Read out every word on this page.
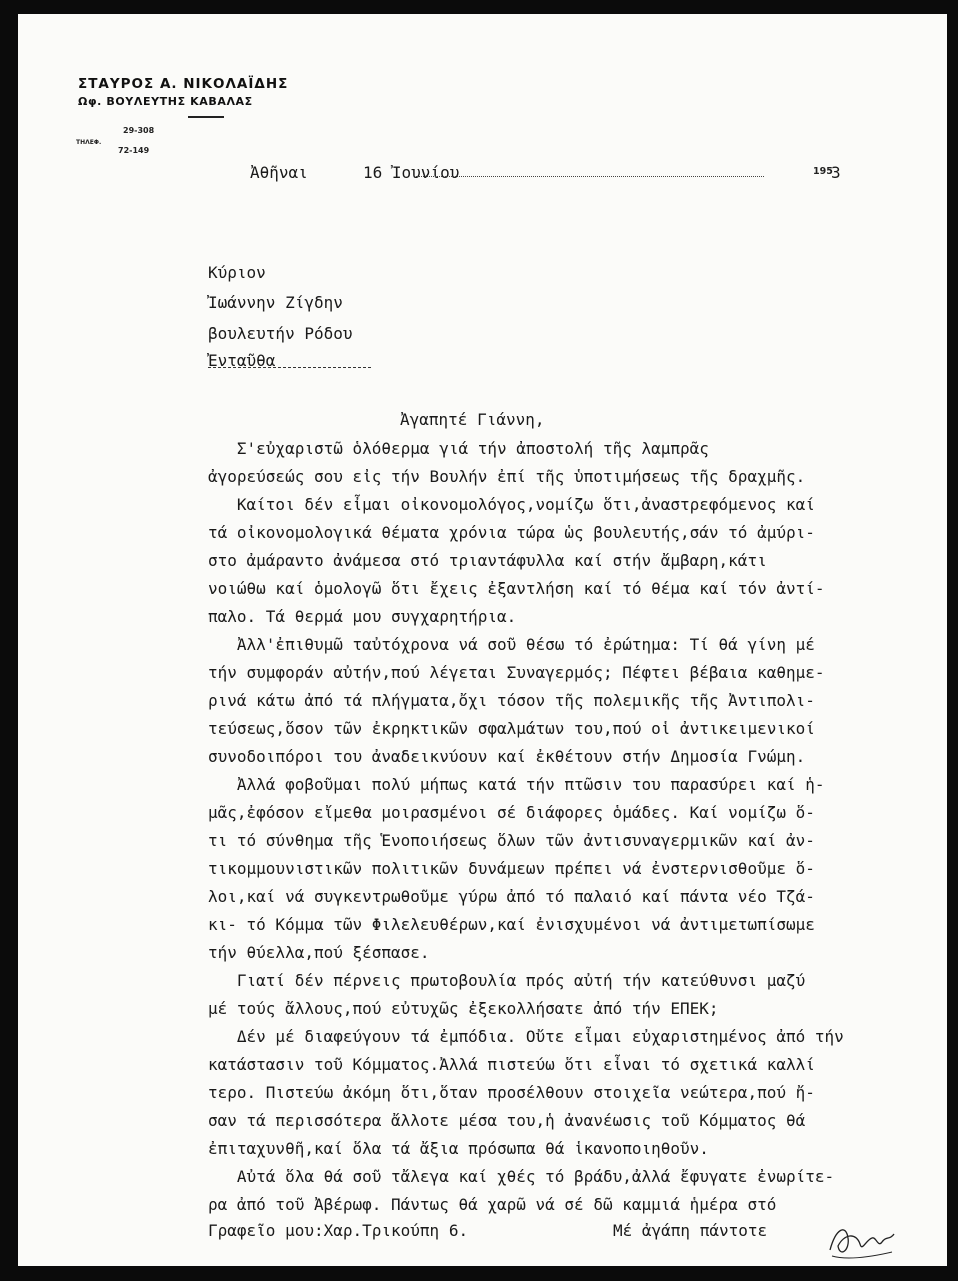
ΣΤΑΥΡΟΣ Α. ΝΙΚΟΛΑΪΔΗΣ
Ωφ. ΒΟΥΛΕΥΤΗΣ ΚΑΒΑΛΑΣ
ΤΗΛΕΦ.
29-308
72-149
Ἀθῆναι	16 Ἰουνίου	195
3
Κύριον
Ἰωάννην Ζίγδην
βουλευτήν Ρόδου
Ἐνταῦθα
Ἀγαπητέ Γιάννη,
Σ'εὐχαριστῶ ὁλόθερμα γιά τήν ἀποστολή τῆς λαμπρᾶς
ἀγορεύσεώς σου εἰς τήν Βουλήν ἐπί τῆς ὑποτιμήσεως τῆς δραχμῆς.
Καίτοι δέν εἶμαι οἰκονομολόγος,νομίζω ὅτι,ἀναστρεφόμενος καί
τά οἰκονομολογικά θέματα χρόνια τώρα ὡς βουλευτής,σάν τό ἀμύρι-
στο ἀμάραντο ἀνάμεσα στό τριαντάφυλλα καί στήν ἄμβαρη,κάτι
νοιώθω καί ὁμολογῶ ὅτι ἔχεις ἐξαντλήση καί τό θέμα καί τόν ἀντί-
παλο. Τά θερμά μου συγχαρητήρια.
Ἀλλ'ἐπιθυμῶ ταὐτόχρονα νά σοῦ θέσω τό ἐρώτημα: Τί θά γίνη μέ
τήν συμφοράν αὐτήν,πού λέγεται Συναγερμός; Πέφτει βέβαια καθημε-
ρινά κάτω ἀπό τά πλήγματα,ὄχι τόσον τῆς πολεμικῆς τῆς Ἀντιπολι-
τεύσεως,ὅσον τῶν ἐκρηκτικῶν σφαλμάτων του,πού οἱ ἀντικειμενικοί
συνοδοιπόροι του ἀναδεικνύουν καί ἐκθέτουν στήν Δημοσία Γνώμη.
Ἀλλά φοβοῦμαι πολύ μήπως κατά τήν πτῶσιν του παρασύρει καί ἡ-
μᾶς,ἐφόσον εἴμεθα μοιρασμένοι σέ διάφορες ὁμάδες. Καί νομίζω ὅ-
τι τό σύνθημα τῆς Ἑνοποιήσεως ὅλων τῶν ἀντισυναγερμικῶν καί ἀν-
τικομμουνιστικῶν πολιτικῶν δυνάμεων πρέπει νά ἐνστερνισθοῦμε ὅ-
λοι,καί νά συγκεντρωθοῦμε γύρω ἀπό τό παλαιό καί πάντα νέο Τζά-
κι- τό Κόμμα τῶν Φιλελευθέρων,καί ἐνισχυμένοι νά ἀντιμετωπίσωμε
τήν θύελλα,πού ξέσπασε.
Γιατί δέν πέρνεις πρωτοβουλία πρός αὐτή τήν κατεύθυνσι μαζύ
μέ τούς ἄλλους,πού εὐτυχῶς ἐξεκολλήσατε ἀπό τήν ΕΠΕΚ;
Δέν μέ διαφεύγουν τά ἐμπόδια. Οὔτε εἶμαι εὐχαριστημένος ἀπό τήν
κατάστασιν τοῦ Κόμματος.Ἀλλά πιστεύω ὅτι εἶναι τό σχετικά καλλί
τερο. Πιστεύω ἀκόμη ὅτι,ὅταν προσέλθουν στοιχεῖα νεώτερα,πού ἤ-
σαν τά περισσότερα ἄλλοτε μέσα του,ἡ ἀνανέωσις τοῦ Κόμματος θά
ἐπιταχυνθῆ,καί ὅλα τά ἄξια πρόσωπα θά ἱκανοποιηθοῦν.
Αὐτά ὅλα θά σοῦ τἄλεγα καί χθές τό βράδυ,ἀλλά ἔφυγατε ἐνωρίτε-
ρα ἀπό τοῦ Ἀβέρωφ. Πάντως θά χαρῶ νά σέ δῶ καμμιά ἡμέρα στό
Γραφεῖο μου:Χαρ.Τρικούπη 6.	Μέ ἀγάπη πάντοτε
